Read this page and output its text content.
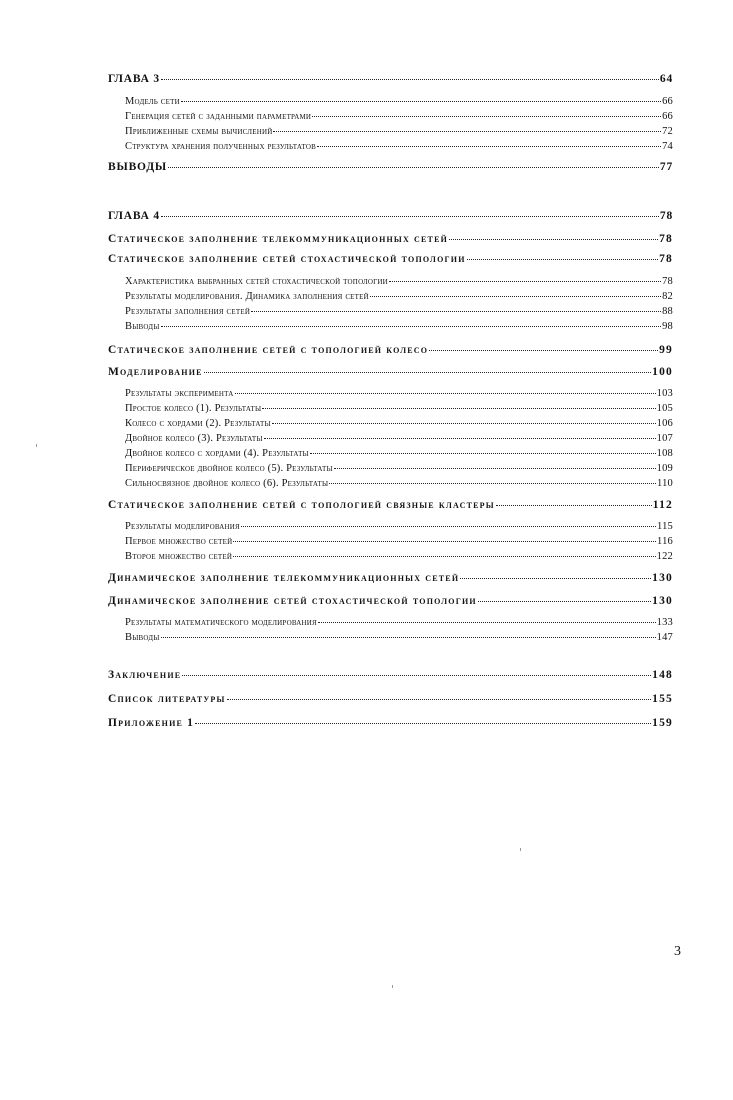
ГЛАВА 3	64
Модель сети	66
Генерация сетей с заданными параметрами	66
Приближенные схемы вычислений	72
Структура хранения полученных результатов	74
ВЫВОДЫ	77
ГЛАВА 4	78
Статическое заполнение телекоммуникационных сетей	78
Статическое заполнение сетей стохастической топологии	78
Характеристика выбранных сетей стохастической топологии	78
Результаты моделирования. Динамика заполнения сетей	82
Результаты заполнения сетей	88
Выводы	98
Статическое заполнение сетей с топологией колесо	99
Моделирование	100
Результаты эксперимента	103
Простое колесо (1). Результаты	105
Колесо с хордами (2). Результаты	106
Двойное колесо (3). Результаты	107
Двойное колесо с хордами (4). Результаты	108
Периферическое двойное колесо (5). Результаты	109
Сильносвязное двойное колесо (6). Результаты	110
Статическое заполнение сетей с топологией связные кластеры	112
Результаты моделирования	115
Первое множество сетей	116
Второе множество сетей	122
Динамическое заполнение телекоммуникационных сетей	130
Динамическое заполнение сетей стохастической топологии	130
Результаты математического моделирования	133
Выводы	147
Заключение	148
Список литературы	155
Приложение 1	159
3
